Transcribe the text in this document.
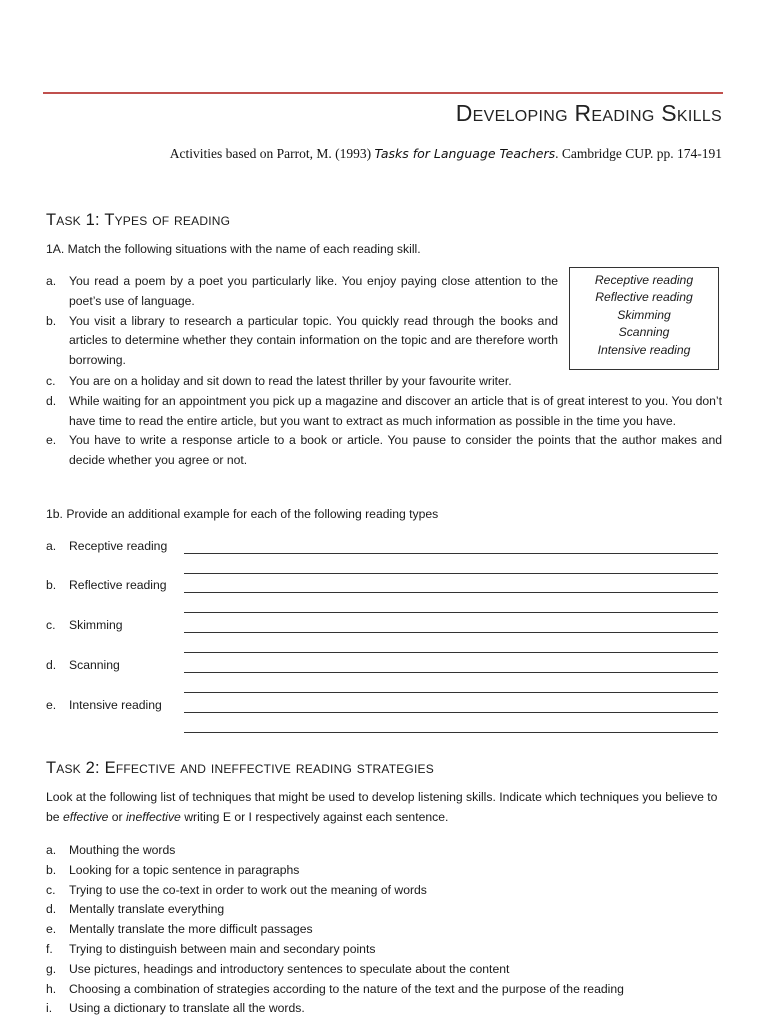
Developing Reading Skills

Activities based on Parrot, M. (1993) Tasks for Language Teachers. Cambridge CUP. pp. 174-191

Task 1: Types of reading

1A. Match the following situations with the name of each reading skill.

a. You read a poem by a poet you particularly like. You enjoy paying close attention to the poet’s use of language.
b. You visit a library to research a particular topic. You quickly read through the books and articles to determine whether they contain information on the topic and are therefore worth borrowing.
c. You are on a holiday and sit down to read the latest thriller by your favourite writer.
d. While waiting for an appointment you pick up a magazine and discover an article that is of great interest to you. You don’t have time to read the entire article, but you want to extract as much information as possible in the time you have.
e. You have to write a response article to a book or article. You pause to consider the points that the author makes and decide whether you agree or not.
Receptive reading
Reflective reading
Skimming
Scanning
Intensive reading

1b. Provide an additional example for each of the following reading types

a. Receptive reading
b. Reflective reading
c. Skimming
d. Scanning
e. Intensive reading
Task 2: Effective and ineffective reading strategies

Look at the following list of techniques that might be used to develop listening skills. Indicate which techniques you believe to be effective or ineffective writing E or I respectively against each sentence.

a. Mouthing the words
b. Looking for a topic sentence in paragraphs
c. Trying to use the co-text in order to work out the meaning of words
d. Mentally translate everything
e. Mentally translate the more difficult passages
f. Trying to distinguish between main and secondary points
g. Use pictures, headings and introductory sentences to speculate about the content
h. Choosing a combination of strategies according to the nature of the text and the purpose of the reading
i. Using a dictionary to translate all the words.
